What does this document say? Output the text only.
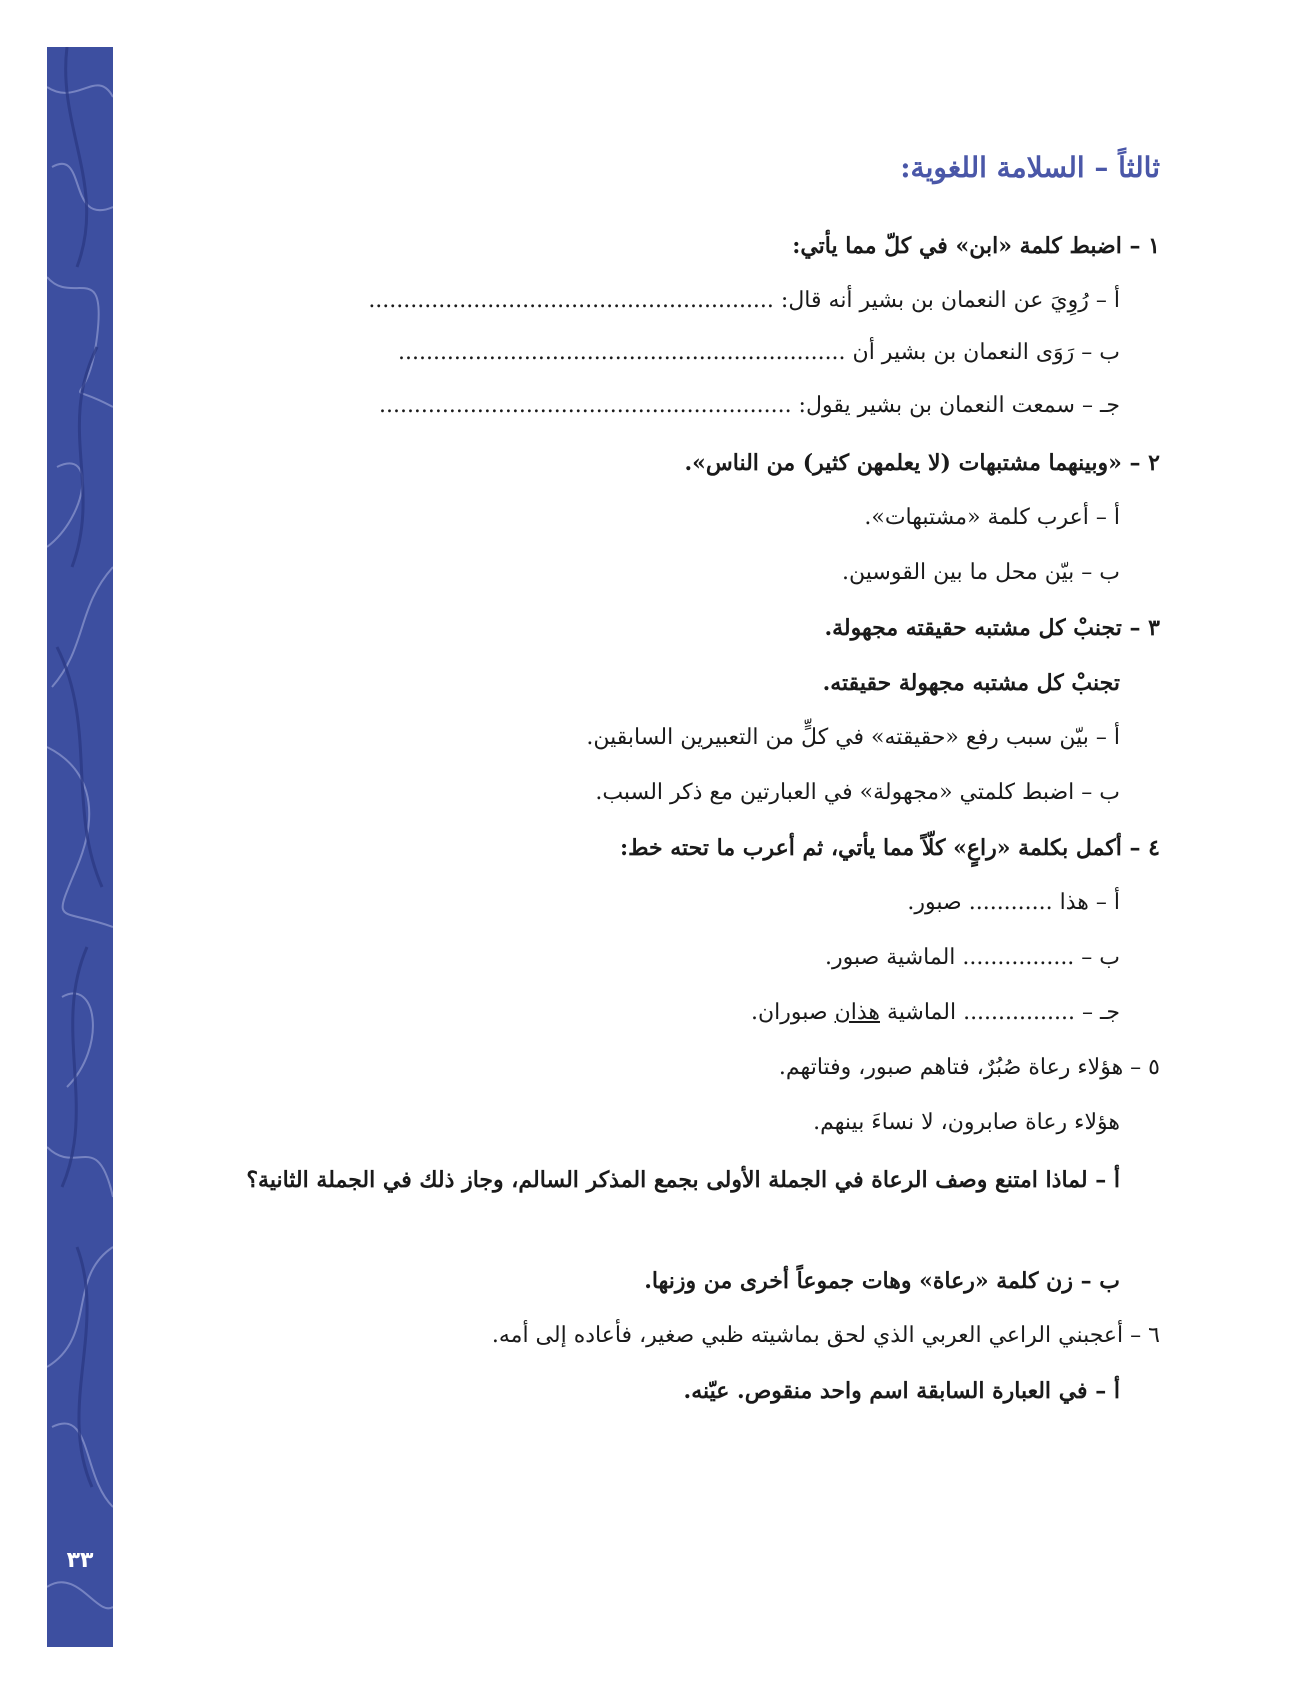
٣٣
ثالثاً – السلامة اللغوية:
١ – اضبط كلمة «ابن» في كلّ مما يأتي:
أ – رُوِيَ عن النعمان بن بشير أنه قال: ..........................................................
ب – رَوَى النعمان بن بشير أن ................................................................
جـ – سمعت النعمان بن بشير يقول: ...........................................................
٢ – «وبينهما مشتبهات (لا يعلمهن كثير) من الناس».
أ – أعرب كلمة «مشتبهات».
ب – بيّن محل ما بين القوسين.
٣ – تجنبْ كل مشتبه حقيقته مجهولة.
تجنبْ كل مشتبه مجهولة حقيقته.
أ – بيّن سبب رفع «حقيقته» في كلٍّ من التعبيرين السابقين.
ب – اضبط كلمتي «مجهولة» في العبارتين مع ذكر السبب.
٤ – أكمل بكلمة «راعٍ» كلّاً مما يأتي، ثم أعرب ما تحته خط:
أ – هذا ............ صبور.
ب – ................ الماشية صبور.
جـ – ................ الماشية هذان صبوران.
٥ – هؤلاء رعاة صُبُرٌ، فتاهم صبور، وفتاتهم.
هؤلاء رعاة صابرون، لا نساءَ بينهم.
أ – لماذا امتنع وصف الرعاة في الجملة الأولى بجمع المذكر السالم، وجاز ذلك في الجملة الثانية؟
ب – زن كلمة «رعاة» وهات جموعاً أخرى من وزنها.
٦ – أعجبني الراعي العربي الذي لحق بماشيته ظبي صغير، فأعاده إلى أمه.
أ – في العبارة السابقة اسم واحد منقوص. عيّنه.
